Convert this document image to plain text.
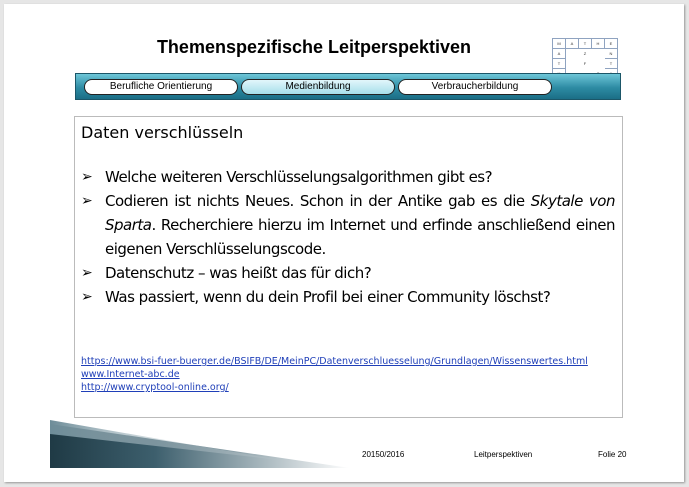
Themenspezifische Leitperspektiven	M	A	T	H	E
A		Z		N
T		F		T

Berufliche Orientierung	Medienbildung	Verbraucherbildung
Daten verschlüsseln
➢ Welche weiteren Verschlüsselungsalgorithmen gibt es?
➢ Codieren ist nichts Neues. Schon in der Antike gab es die Skytale von Sparta. Recherchiere hierzu im Internet und erfinde anschließend einen eigenen Verschlüsselungscode.
➢ Datenschutz – was heißt das für dich?
➢ Was passiert, wenn du dein Profil bei einer Community löschst?
https://www.bsi-fuer-buerger.de/BSIFB/DE/MeinPC/Datenverschluesselung/Grundlagen/Wissenswertes.html
www.Internet-abc.de
http://www.cryptool-online.org/
20150/2016	Leitperspektiven	Folie 20
